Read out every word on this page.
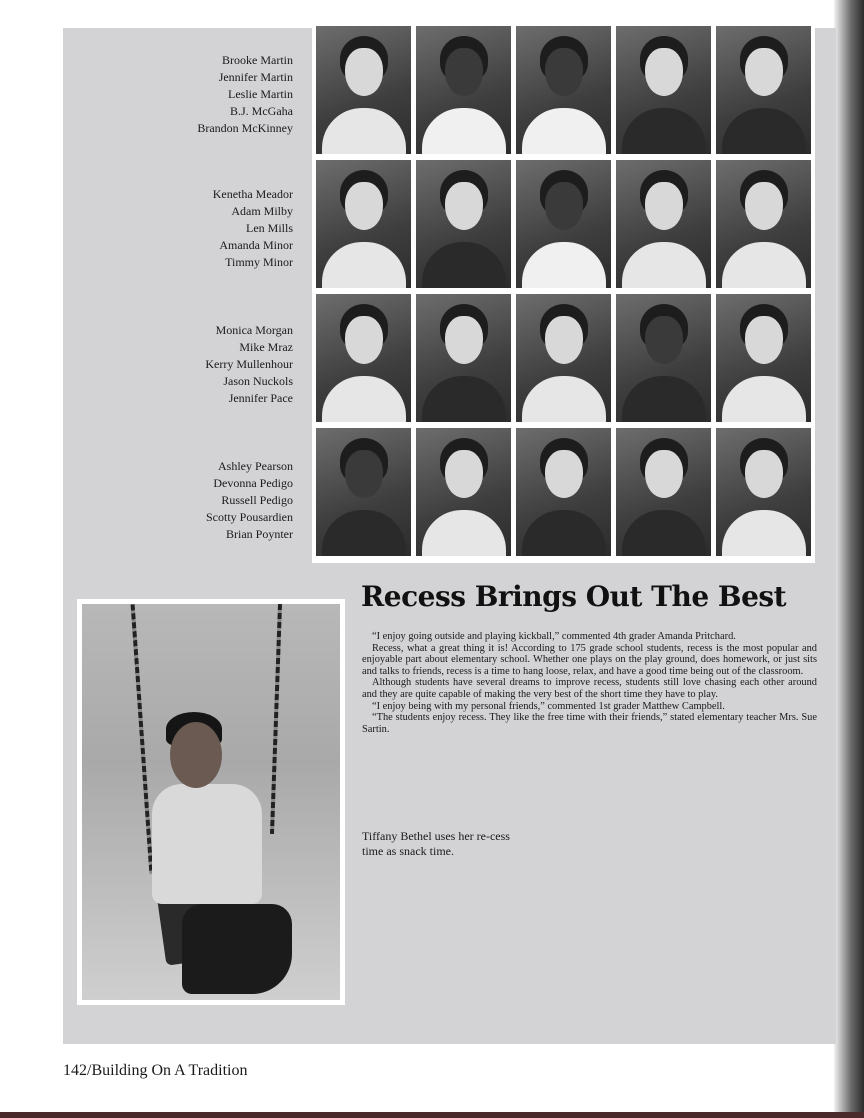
Brooke Martin
Jennifer Martin
Leslie Martin
B.J. McGaha
Brandon McKinney
Kenetha Meador
Adam Milby
Len Mills
Amanda Minor
Timmy Minor
Monica Morgan
Mike Mraz
Kerry Mullenhour
Jason Nuckols
Jennifer Pace
Ashley Pearson
Devonna Pedigo
Russell Pedigo
Scotty Pousardien
Brian Poynter
Recess Brings Out The Best

“I enjoy going outside and playing kickball,” commented 4th grader Amanda Pritchard.

Recess, what a great thing it is! According to 175 grade school students, recess is the most popular and enjoyable part about elementary school. Whether one plays on the play ground, does homework, or just sits and talks to friends, recess is a time to hang loose, relax, and have a good time being out of the classroom.

Although students have several dreams to improve recess, students still love chasing each other around and they are quite capable of making the very best of the short time they have to play.

“I enjoy being with my personal friends,” commented 1st grader Matthew Campbell.

“The students enjoy recess. They like the free time with their friends,” stated elementary teacher Mrs. Sue Sartin.

Tiffany Bethel uses her re-cess time as snack time.
142/Building On A Tradition
